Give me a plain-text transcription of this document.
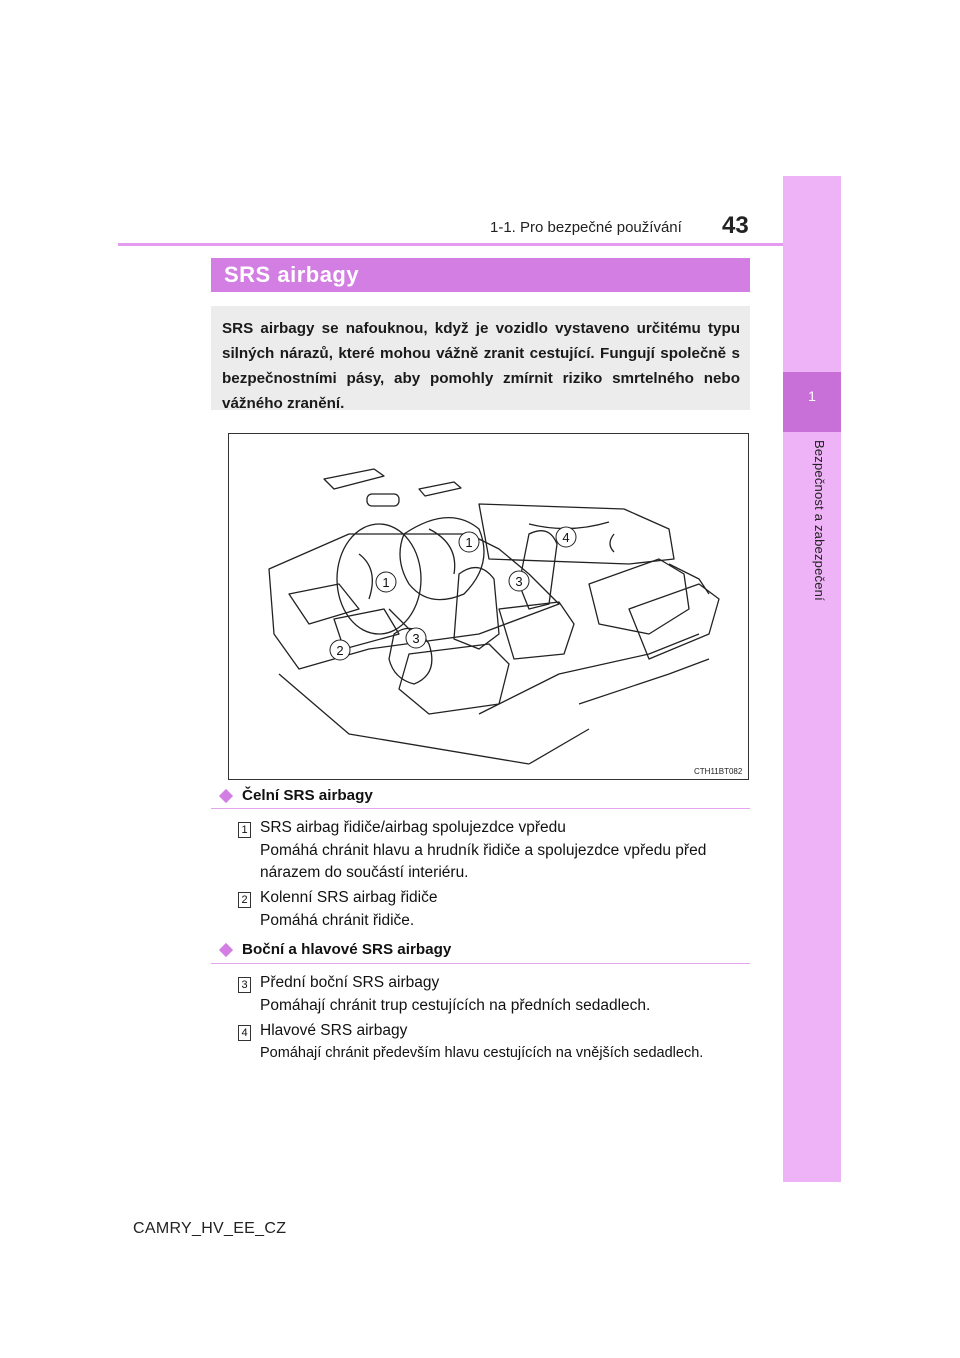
1-1. Pro bezpečné používání 43
1
Bezpečnost a zabezpečení
SRS airbagy
SRS airbagy se nafouknou, když je vozidlo vystaveno určitému typu silných nárazů, které mohou vážně zranit cestující. Fungují společně s bezpečnostními pásy, aby pomohly zmírnit riziko smrtelného nebo vážného zranění.
1
1
2
3
3
4
CTH11BT082
Čelní SRS airbagy
1 SRS airbag řidiče/airbag spolujezdce vpředu
Pomáhá chránit hlavu a hrudník řidiče a spolujezdce vpředu před
nárazem do součástí interiéru.
2 Kolenní SRS airbag řidiče
Pomáhá chránit řidiče.
Boční a hlavové SRS airbagy
3 Přední boční SRS airbagy
Pomáhají chránit trup cestujících na předních sedadlech.
4 Hlavové SRS airbagy
Pomáhají chránit především hlavu cestujících na vnějších sedadlech.
CAMRY_HV_EE_CZ
